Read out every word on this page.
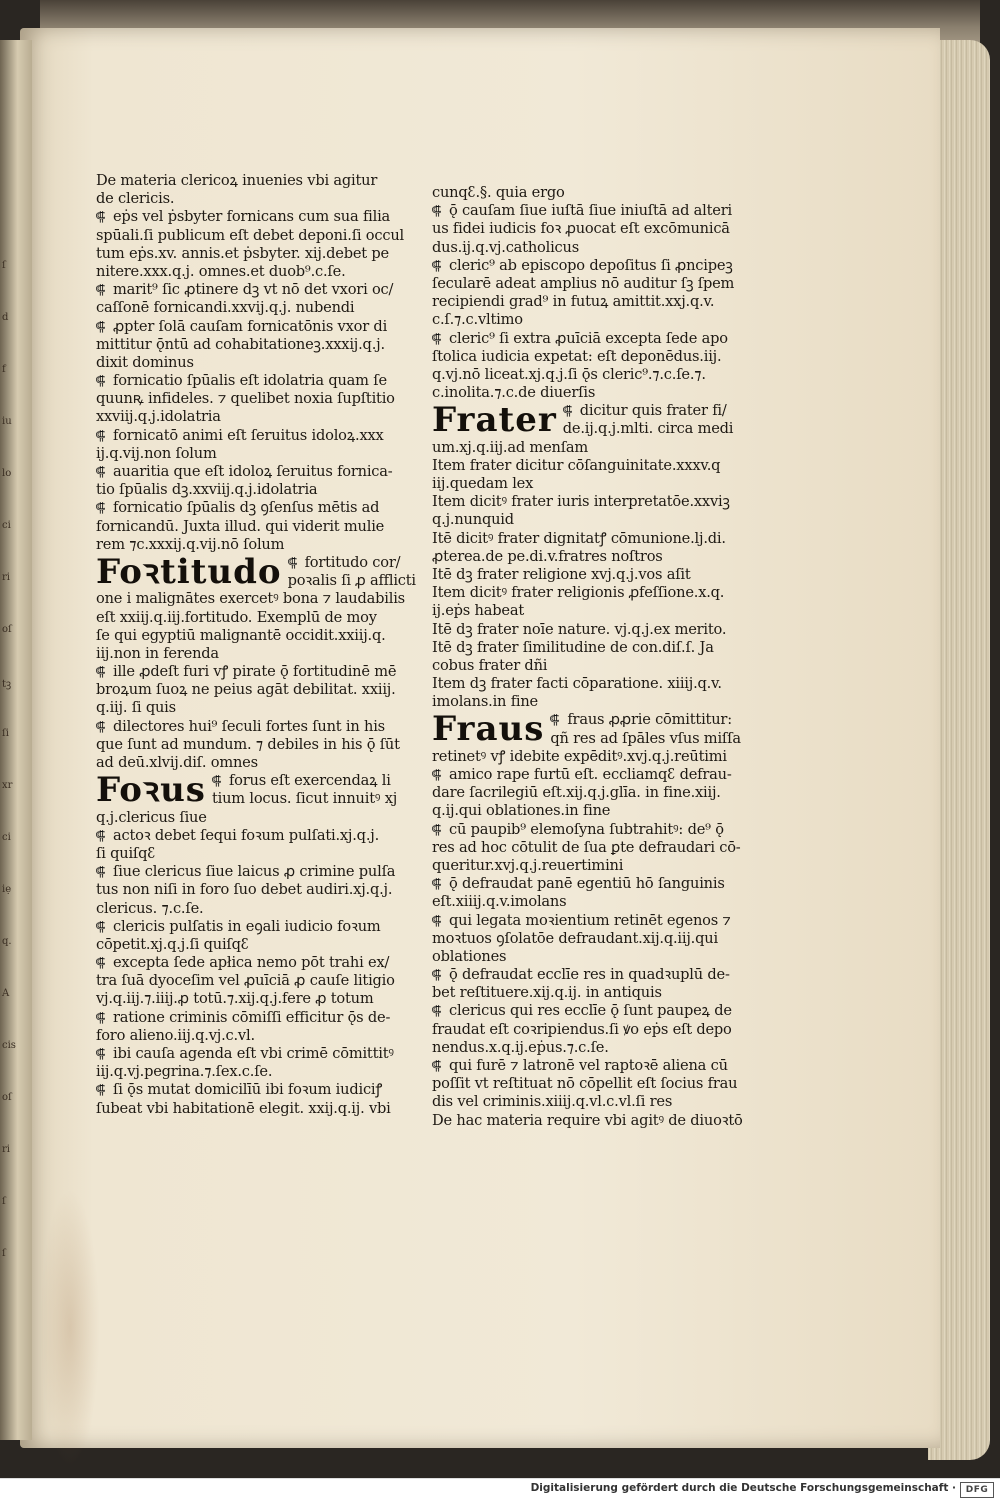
ſ
d
f
iu
lo
ci
ri
oſ
tꝫ
ſi
xr
ci
iẹ
q.
A
cis
oſ
ri
ſ
ſ
De materia clericoꝝ inuenies vbi agitur
de clericis.
⸿ eṗs vel ṗsbyter fornicans cum sua filia
spūali.ſi publicum eſt debet deponi.ſi occul
tum eṗs.xv. annis.et ṗsbyter. xij.debet pe
nitere.xxx.q.j. omnes.et duob⁹.c.ſe.
⸿ marit⁹ ſic ꝓtinere dꝫ vt nō det vxori oc/
caſſonē fornicandi.xxvij.q.j. nubendi
⸿ ꝓpter ſolā cauſam fornicatōnis vxor di
mittitur ǭntū ad cohabitationeꝫ.xxxij.q.j.
dixit dominus
⸿ fornicatio ſpūalis eſt idolatria quam ſe
quunꝶ infideles. ⁊ quelibet noxia ſupſtitio
xxviij.q.j.idolatria
⸿ fornicatō animi eſt ſeruitus idoloꝝ.xxx
ij.q.vij.non ſolum
⸿ auaritia que eſt idoloꝝ ſeruitus fornica-
tio ſpūalis dꝫ.xxviij.q.j.idolatria
⸿ fornicatio ſpūalis dꝫ ꝯſenſus mētis ad
fornicandū. Juxta illud. qui viderit mulie
rem ⁊c.xxxij.q.vij.nō ſolum
Foꝛtitudo ⸿ fortitudo cor/
poꝛalis ſi ꝓ afflicti
one i malignātes exercetꝰ bona ⁊ laudabilis
eſt xxiij.q.iij.fortitudo. Exemplū de moy
ſe qui egyptiū malignantē occidit.xxiij.q.
iij.non in ferenda
⸿ ille ꝓdeſt furi vꝭ pirate ǭ fortitudinē mē
broꝝum ſuoꝝ ne peius agāt debilitat. xxiij.
q.iij. ſi quis
⸿ dilectores hui⁹ ſeculi fortes ſunt in his
que ſunt ad mundum. ⁊ debiles in his ǭ ſūt
ad deū.xlvij.diſ. omnes
Foꝛus ⸿ forus eſt exercendaꝝ li
tium locus. ſicut innuitꝰ xj
q.j.clericus ſiue
⸿ actoꝛ debet ſequi foꝛum pulſati.xj.q.j.
ſi quiſqꜫ
⸿ ſiue clericus ſiue laicus ꝓ crimine pulſa
tus non niſi in foro ſuo debet audiri.xj.q.j.
clericus. ⁊.c.ſe.
⸿ clericis pulſatis in eꝯali iudicio foꝛum
cōpetit.xj.q.j.ſi quiſqꜫ
⸿ excepta ſede apłica nemo pōt trahi ex/
tra ſuā dyoceſim vel ꝓuīciā ꝓ cauſe litigio
vj.q.iij.⁊.iiij.ꝓ totū.⁊.xij.q.j.fere ꝓ totum
⸿ ratione criminis cōmiſſi efficitur ǭs de-
foro alieno.iij.q.vj.c.vl.
⸿ ibi cauſa agenda eſt vbi crimē cōmittitꝰ
iij.q.vj.pegrina.⁊.ſex.c.ſe.
⸿ ſi ǭs mutat domicilīū ibi foꝛum iudiciꝭ
ſubeat vbi habitationē elegit. xxij.q.ij. vbi
cunqꜫ.§. quia ergo
⸿ ǭ cauſam ſiue iuſtā ſiue iniuſtā ad alteri
us fidei iudicis foꝛ ꝓuocat eſt excōmunicā
dus.ij.q.vj.catholicus
⸿ cleric⁹ ab episcopo depoſitus ſi ꝓncipeꝫ
ſecularē adeat amplius nō auditur ſꝫ ſpem
recipiendi grad⁹ in futuꝝ amittit.xxj.q.v.
c.ſ.⁊.c.vltimo
⸿ cleric⁹ ſi extra ꝓuīciā excepta ſede apo
ſtolica iudicia expetat: eſt deponēdus.iij.
q.vj.nō liceat.xj.q.j.ſi ǭs cleric⁹.⁊.c.ſe.⁊.
c.inolita.⁊.c.de diuerſis
Frater ⸿ dicitur quis frater fi/
de.ij.q.j.mlti. circa medi
um.xj.q.iij.ad menſam
Item frater dicitur cōſanguinitate.xxxv.q
iij.quedam lex
Item dicitꝰ frater iuris interpretatōe.xxviꝫ
q.j.nunquid
Itē dicitꝰ frater dignitatꝭ cōmunione.lj.di.
ꝓterea.de pe.di.v.fratres noſtros
Itē dꝫ frater religione xvj.q.j.vos aſit
Item dicitꝰ frater religionis ꝓfeſſione.x.q.
ij.eṗs habeat
Itē dꝫ frater noīe nature. vj.q.j.ex merito.
Itē dꝫ frater ſimilitudine de con.diſ.ſ. Ja
cobus frater dñi
Item dꝫ frater facti cōparatione. xiiij.q.v.
imolans.in fine
Fraus ⸿ fraus ꝓꝓrie cōmittitur:
qñ res ad ſpāles vſus miſſa
retinetꝰ vꝭ idebite expēditꝰ.xvj.q.j.reūtimi
⸿ amico rape furtū eſt. eccliamqꜫ defrau-
dare ſacrilegiū eſt.xij.q.j.glīa. in fine.xiij.
q.ij.qui oblationes.in fine
⸿ cū paupib⁹ elemoſyna ſubtrahitꝰ: de⁹ ǭ
res ad hoc cōtulit de ſua ꝑte defraudari cō-
queritur.xvj.q.j.reuertimini
⸿ ǭ defraudat panē egentiū hō ſanguinis
eſt.xiiij.q.v.imolans
⸿ qui legata moꝛientium retinēt egenos ⁊
moꝛtuos ꝯſolatōe defraudant.xij.q.iij.qui
oblationes
⸿ ǭ defraudat ecclīe res in quadꝛuplū de-
bet reſtituere.xij.q.ij. in antiquis
⸿ clericus qui res ecclīe ǭ ſunt paupeꝝ de
fraudat eſt coꝛripiendus.ſi ꝟo eṗs eſt depo
nendus.x.q.ij.eṗus.⁊.c.ſe.
⸿ qui furē ⁊ latronē vel raptoꝛē aliena cū
poſſit vt reſtituat nō cōpellit eſt ſocius frau
dis vel criminis.xiiij.q.vl.c.vl.ſi res
De hac materia require vbi agitꝰ de diuoꝛtō
Digitalisierung gefördert durch die Deutsche Forschungsgemeinschaft ·	DFG
